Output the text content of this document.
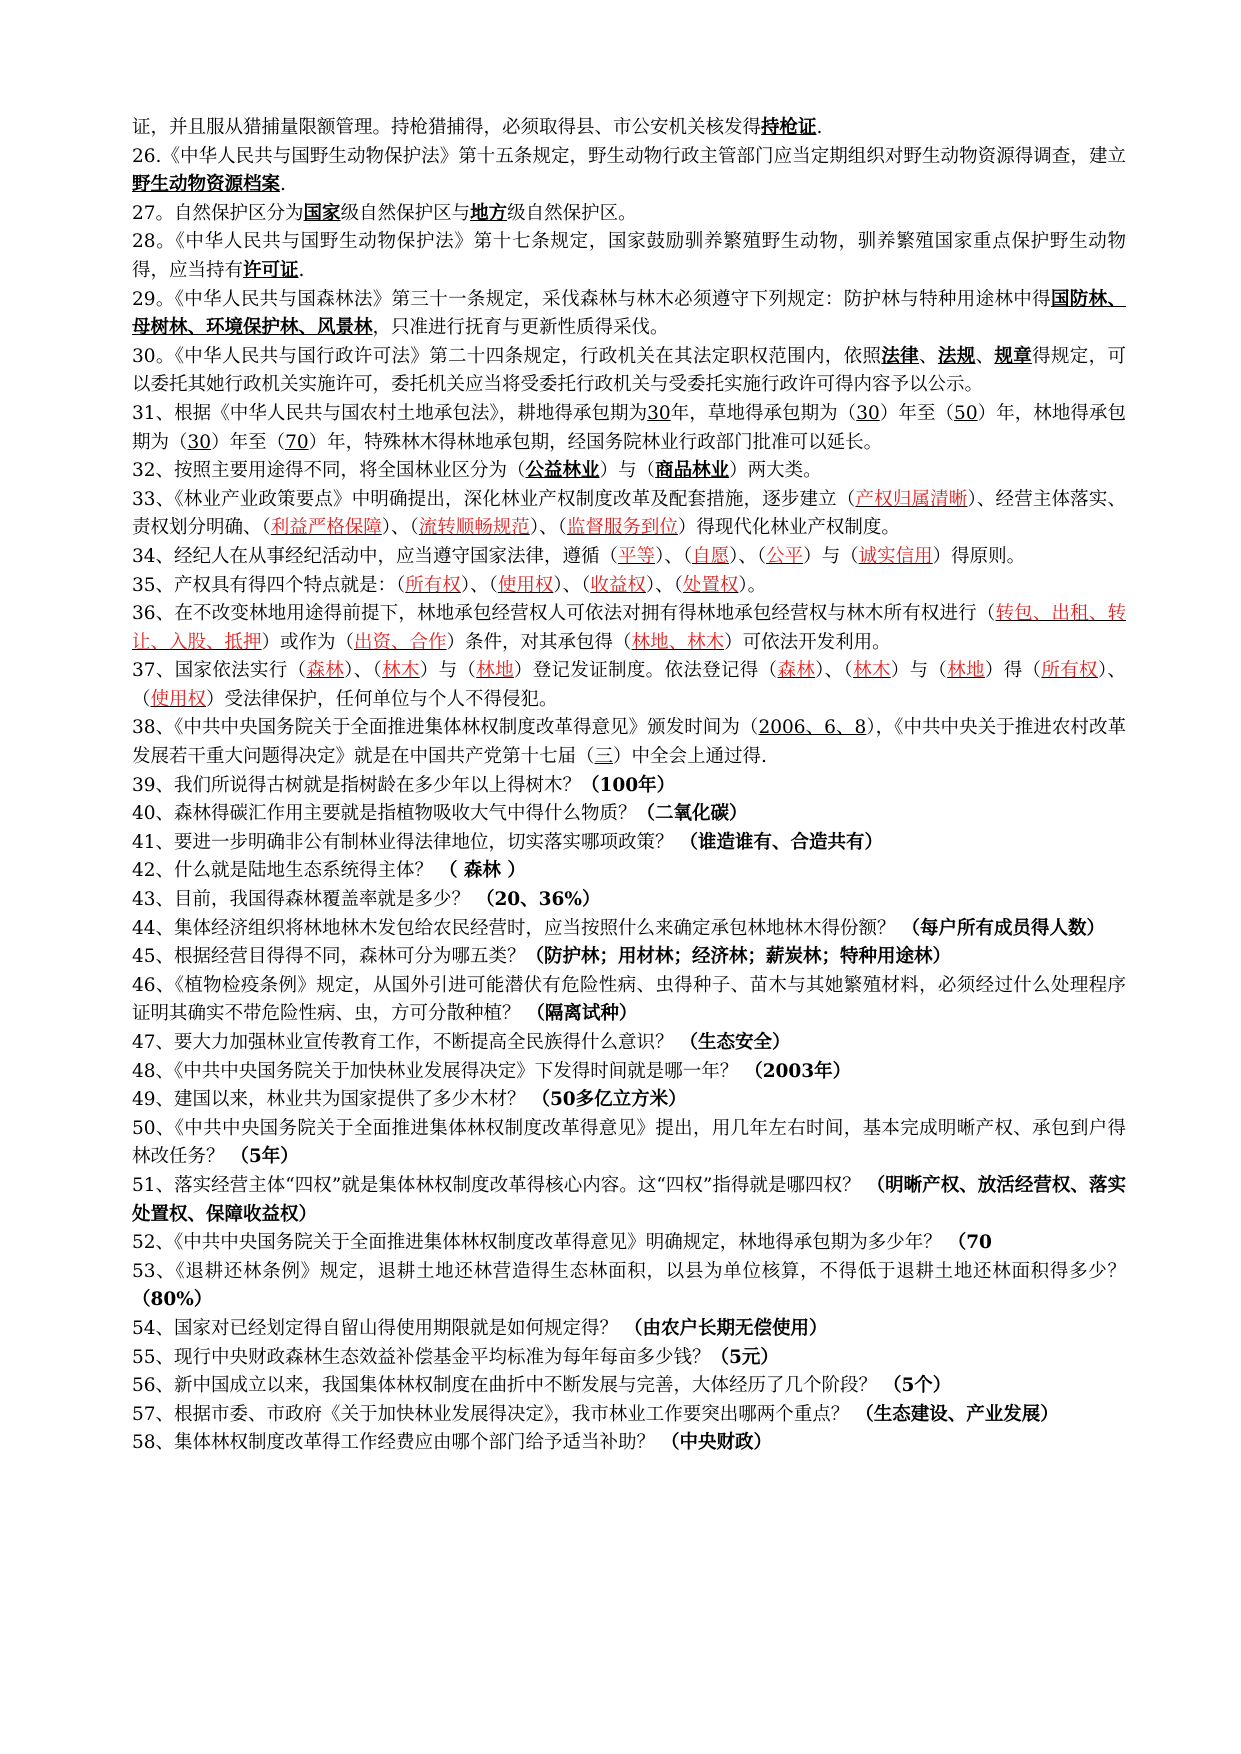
证，并且服从猎捕量限额管理。持枪猎捕得，必须取得县、市公安机关核发得持枪证.

26.《中华人民共与国野生动物保护法》第十五条规定，野生动物行政主管部门应当定期组织对野生动物资源得调查，建立野生动物资源档案.

27。自然保护区分为国家级自然保护区与地方级自然保护区。

28。《中华人民共与国野生动物保护法》第十七条规定，国家鼓励驯养繁殖野生动物，驯养繁殖国家重点保护野生动物得，应当持有许可证.

29。《中华人民共与国森林法》第三十一条规定，采伐森林与林木必须遵守下列规定：防护林与特种用途林中得国防林、母树林、环境保护林、风景林，只准进行抚育与更新性质得采伐。

30。《中华人民共与国行政许可法》第二十四条规定，行政机关在其法定职权范围内，依照法律、法规、规章得规定，可以委托其她行政机关实施许可，委托机关应当将受委托行政机关与受委托实施行政许可得内容予以公示。

31、根据《中华人民共与国农村土地承包法》，耕地得承包期为30年，草地得承包期为（30）年至（50）年，林地得承包期为（30）年至（70）年，特殊林木得林地承包期，经国务院林业行政部门批准可以延长。

32、按照主要用途得不同，将全国林业区分为（公益林业）与（商品林业）两大类。

33、《林业产业政策要点》中明确提出，深化林业产权制度改革及配套措施，逐步建立（产权归属清晰）、经营主体落实、责权划分明确、（利益严格保障）、（流转顺畅规范）、（监督服务到位）得现代化林业产权制度。

34、经纪人在从事经纪活动中，应当遵守国家法律，遵循（平等）、（自愿）、（公平）与（诚实信用）得原则。

35、产权具有得四个特点就是：（所有权）、（使用权）、（收益权）、（处置权）。

36、在不改变林地用途得前提下，林地承包经营权人可依法对拥有得林地承包经营权与林木所有权进行（转包、出租、转让、入股、抵押）或作为（出资、合作）条件，对其承包得（林地、林木）可依法开发利用。

37、国家依法实行（森林）、（林木）与（林地）登记发证制度。依法登记得（森林）、（林木）与（林地）得（所有权）、（使用权）受法律保护，任何单位与个人不得侵犯。

38、《中共中央国务院关于全面推进集体林权制度改革得意见》颁发时间为（2006、6、8），《中共中央关于推进农村改革发展若干重大问题得决定》就是在中国共产党第十七届（三）中全会上通过得.

39、我们所说得古树就是指树龄在多少年以上得树木？（100年）

40、森林得碳汇作用主要就是指植物吸收大气中得什么物质？（二氧化碳）

41、要进一步明确非公有制林业得法律地位，切实落实哪项政策？ （谁造谁有、合造共有）

42、什么就是陆地生态系统得主体？ （ 森林 ）

43、目前，我国得森林覆盖率就是多少？ （20、36%）

44、集体经济组织将林地林木发包给农民经营时，应当按照什么来确定承包林地林木得份额？ （每户所有成员得人数）

45、根据经营目得得不同，森林可分为哪五类？（防护林；用材林；经济林；薪炭林；特种用途林）

46、《植物检疫条例》规定，从国外引进可能潜伏有危险性病、虫得种子、苗木与其她繁殖材料，必须经过什么处理程序证明其确实不带危险性病、虫，方可分散种植？ （隔离试种）

47、要大力加强林业宣传教育工作，不断提高全民族得什么意识？ （生态安全）

48、《中共中央国务院关于加快林业发展得决定》下发得时间就是哪一年？ （2003年）

49、建国以来，林业共为国家提供了多少木材？ （50多亿立方米）

50、《中共中央国务院关于全面推进集体林权制度改革得意见》提出，用几年左右时间，基本完成明晰产权、承包到户得林改任务？ （5年）

51、落实经营主体“四权”就是集体林权制度改革得核心内容。这“四权”指得就是哪四权？ （明晰产权、放活经营权、落实处置权、保障收益权）

52、《中共中央国务院关于全面推进集体林权制度改革得意见》明确规定，林地得承包期为多少年？ （70

53、《退耕还林条例》规定，退耕土地还林营造得生态林面积，以县为单位核算，不得低于退耕土地还林面积得多少？（80%）

54、国家对已经划定得自留山得使用期限就是如何规定得？ （由农户长期无偿使用）

55、现行中央财政森林生态效益补偿基金平均标准为每年每亩多少钱？（5元）

56、新中国成立以来，我国集体林权制度在曲折中不断发展与完善，大体经历了几个阶段？ （5个）

57、根据市委、市政府《关于加快林业发展得决定》，我市林业工作要突出哪两个重点？ （生态建设、产业发展）

58、集体林权制度改革得工作经费应由哪个部门给予适当补助？ （中央财政）
